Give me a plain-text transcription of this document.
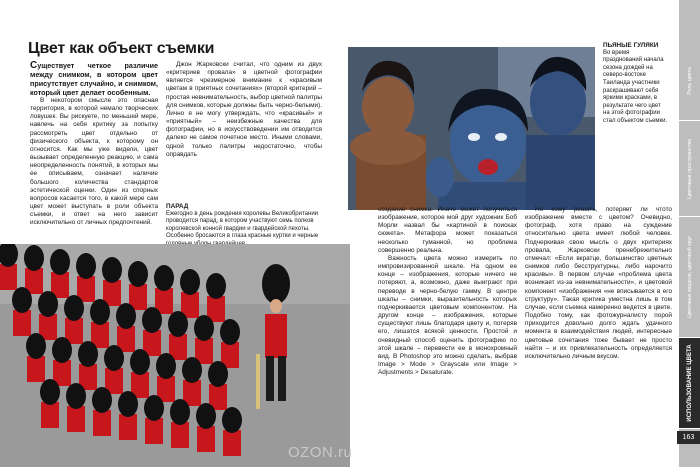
Цвет как объект съемки

Существует четкое различие между снимком, в котором цвет присутствует случайно, и снимком, который цвет делает особенным.

В некотором смысле это опасная территория, в которой немало творческих ловушек. Вы рискуете, по меньшей мере, навлечь на себя критику за попытку рассмотреть цвет отдельно от физического объекта, к которому он относится. Как мы уже видели, цвет вызывает определенную реакцию, и сама неопределенность понятий, в которых мы ее описываем, означает наличие большого количества стандартов эстетической оценки. Один из спорных вопросов касается того, в какой мере сам цвет может выступать в роли объекта съемки, и ответ на него зависит исключительно от личных предпочтений.

Джон Жарковски считал, что одним из двух «критериев провала» в цветной фотографии является чрезмерное внимание к «красивым цветам в приятных сочетаниях» (второй критерий – простая невнимательность, выбор цветной палитры для снимков, которые должны быть черно-белыми). Лично я не могу утверждать, что «красивый» и «приятный» – неизбежные качества для фотографии, но в искусствоведении им отводится далеко не самое почетное место. Иными словами, одной только палитры недостаточно, чтобы оправдать

ПАРАД
Ежегодно в день рождения королевы Великобритании проводится парад, в котором участвуют семь полков королевской конной гвардии и гвардейской пехоты. Особенно бросаются в глаза красные куртки и черные
ПЬЯНЫЕ ГУЛЯКИ
Во время празднований начала сезона дождей на северо-востоке Таиланда участники раскрашивают себя яркими красками, в результате чего цвет на этой фотографии стал объектом съемки.

создание снимка. Иначе может получиться изображение, которое мой друг художник Боб Морли назвал бы «картиной в поисках сюжета». Метафора может показаться несколько туманной, но проблема совершенно реальна.

Важность цвета можно измерить по импровизированной шкале. На одном ее конце – изображения, которые ничего не потеряют, а, возможно, даже выиграют при переводе в черно-белую гамму. В центре шкалы – снимки, выразительность которых подчеркивается цветовым компонентом. На другом конце – изображения, которые существуют лишь благодаря цвету и, потеряв его, лишатся всякой ценности. Простой и очевидный способ оценить фотографию по этой шкале – перевести ее в монохромный вид. В Photoshop это можно сделать, выбрав Image > Mode > Grayscale или Image > Adjustments > Desaturate.

Но кому решать, потеряет ли чтото изображение вместе с цветом? Очевидно, фотограф, хотя право на суждение относительно цвета имеет любой человек. Подчеркивая свою мысль о двух критериях провала, Жарковски пренебрежительно отмечал: «Если вкратце, большинство цветных снимков либо бесструктурны, либо нарочито красивы». В первом случае «проблема цвета возникает из-за невнимательности», и цветовой компонент «изображения «не вписывается в его структуру». Такая критика уместна лишь в том случае, если съемка намеренно ведется в цвете. Подобно тому, как фотожурналисту порой приходится довольно долго ждать удачного момента в взаимодействия людей, интересные цветовые сочетания тоже бывает не просто найти – и их привлекательность определяется исключительно личным вкусом.

Роль цвета
Цветовые пространства
Цветовые модели, цветовой круг
ИСПОЛЬЗОВАНИЕ ЦВЕТА
163
OZON.ru
